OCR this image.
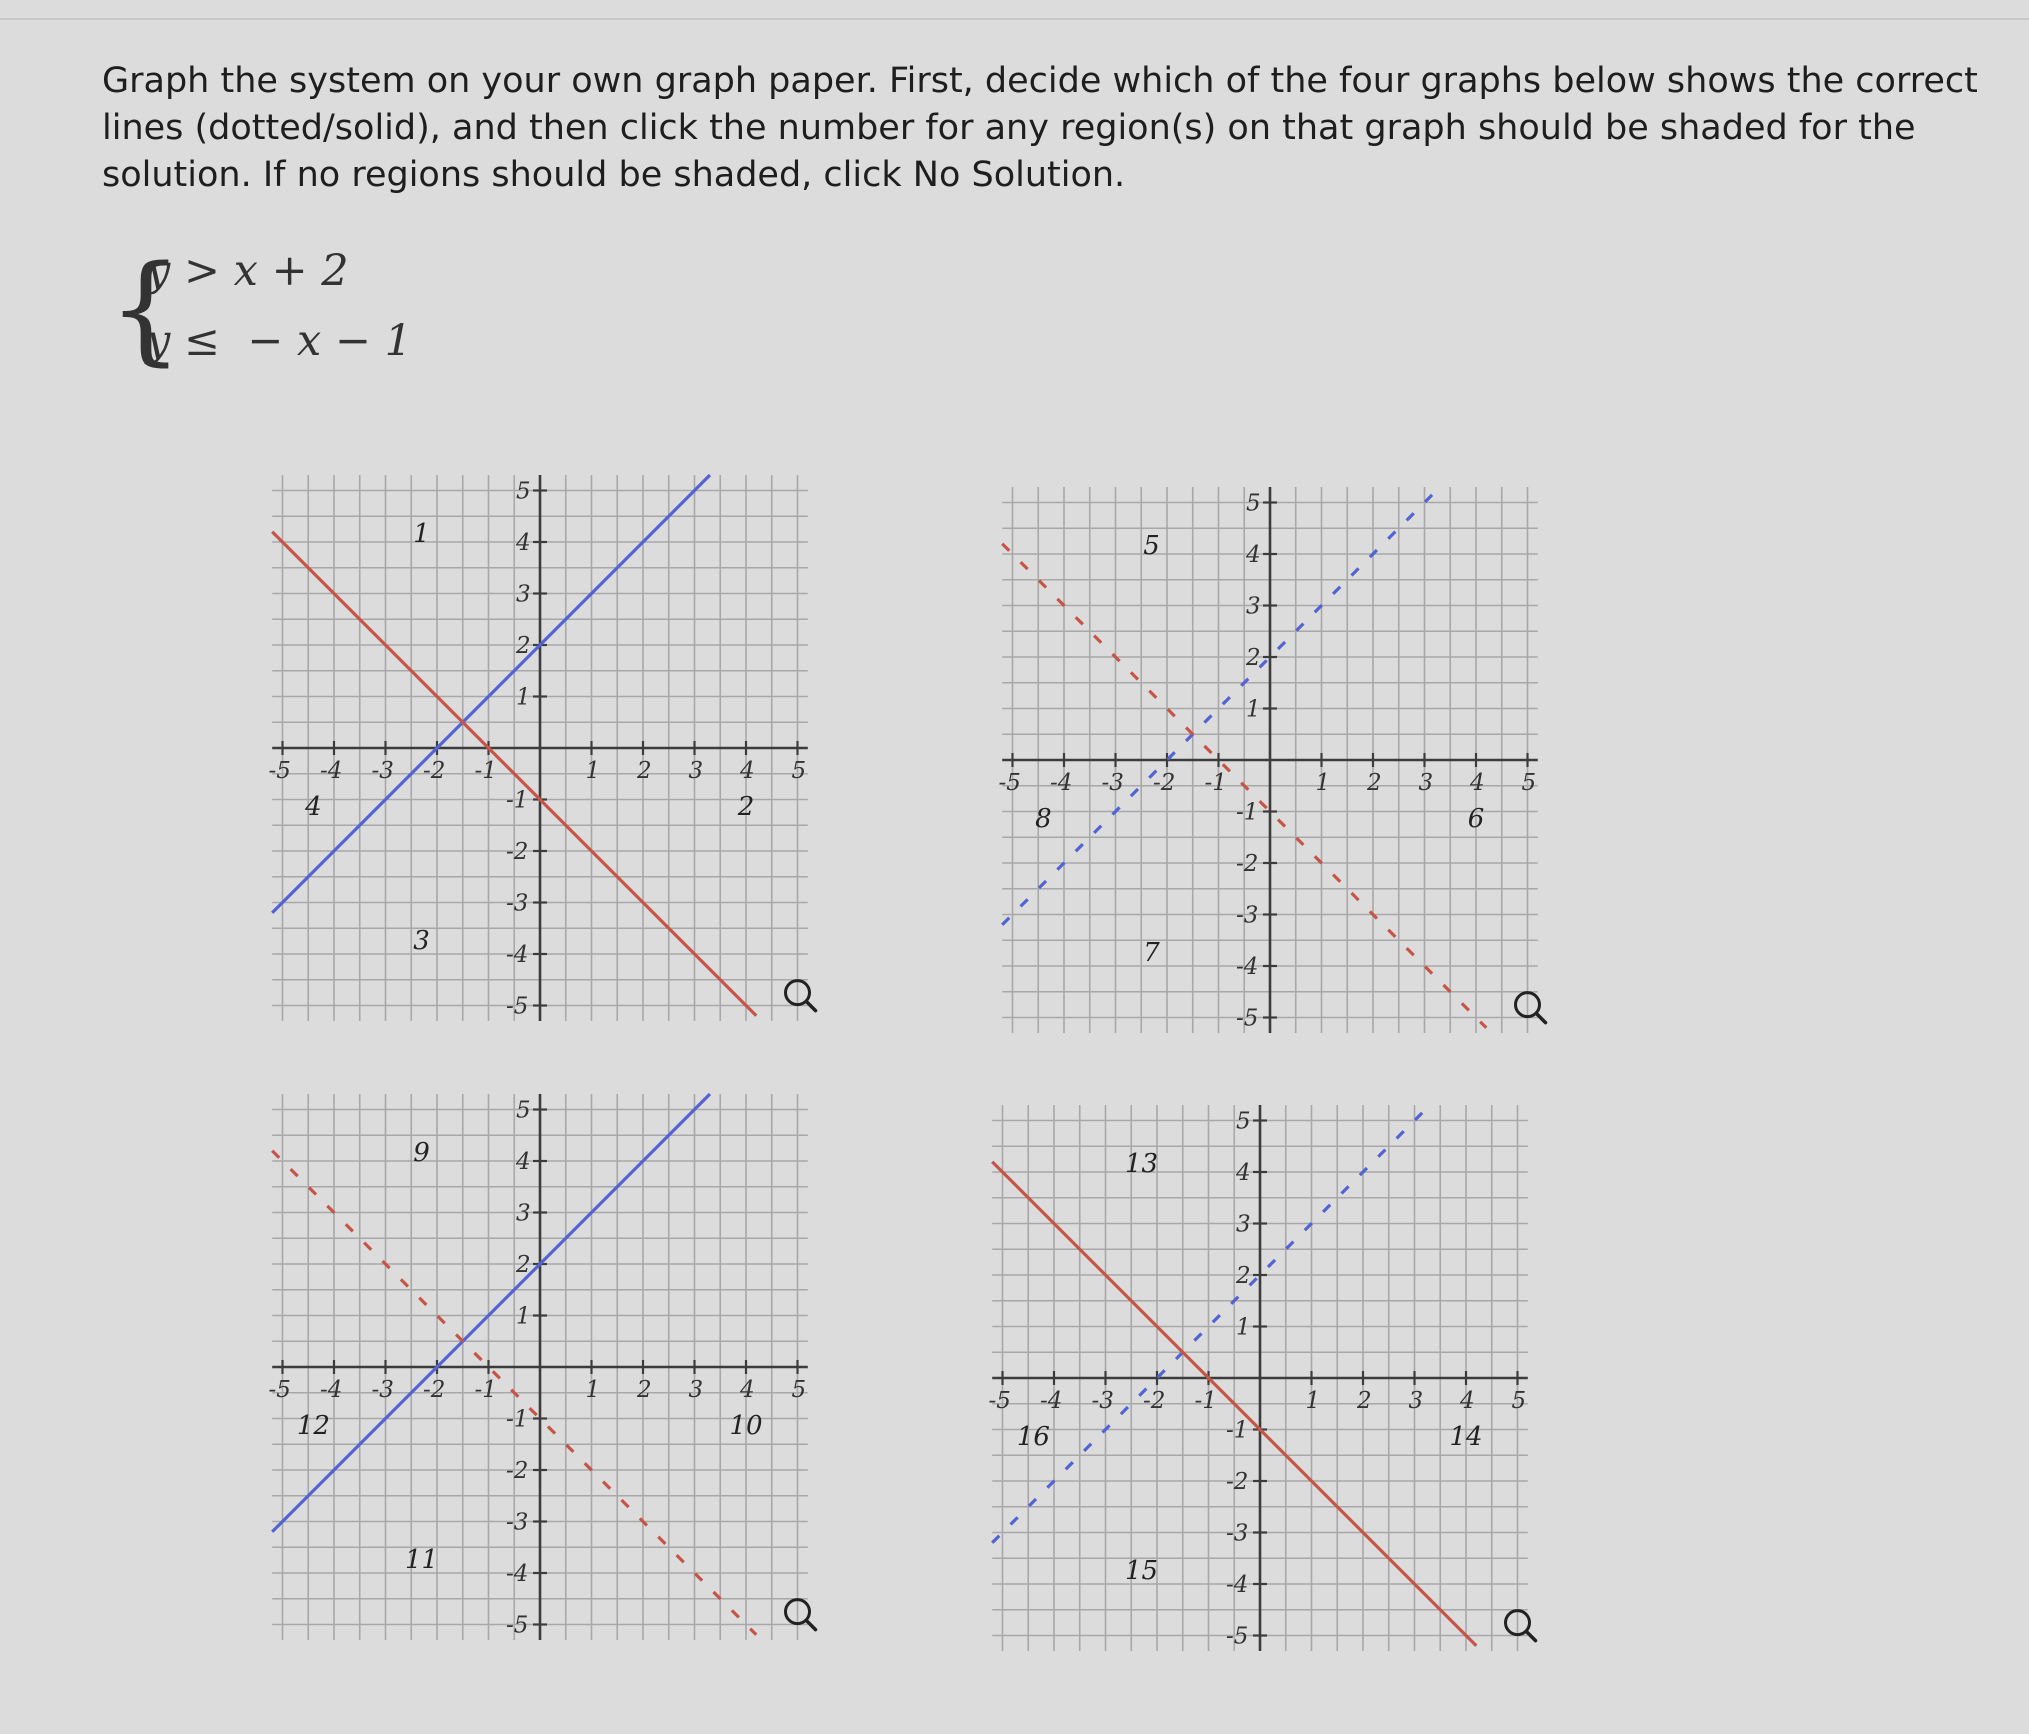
Graph the system on your own graph paper. First, decide which of the four graphs below shows the correct lines (dotted/solid), and then click the number for any region(s) on that graph should be shaded for the solution. If no regions should be shaded, click No Solution.
{
y > x + 2
y ≤  − x − 1
-5 -4 -3 -2 -1	1 2 3 4 5
5
4
3
2
1
-1
-2
-3
-4
-5
1
2
3
4
-5 -4 -3 -2 -1	1 2 3 4 5
5
4
3
2
1
-1
-2
-3
-4
-5
5
6
7
8
-5 -4 -3 -2 -1	1 2 3 4 5
5
4
3
2
1
-1
-2
-3
-4
-5
9
10
11
12
-5 -4 -3 -2 -1	1 2 3 4 5
5
4
3
2
1
-1
-2
-3
-4
-5
13
14
15
16
